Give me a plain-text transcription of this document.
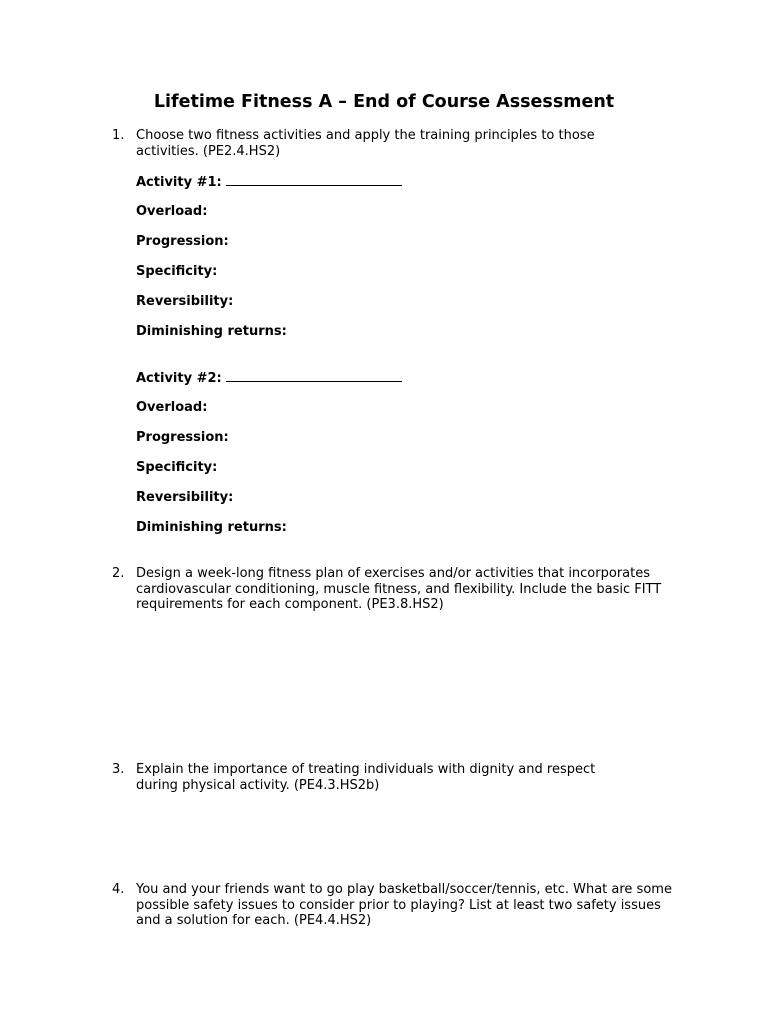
Lifetime Fitness A – End of Course Assessment
1. Choose two fitness activities and apply the training principles to those activities. (PE2.4.HS2)
Activity #1:
Overload:
Progression:
Specificity:
Reversibility:
Diminishing returns:
Activity #2:
Overload:
Progression:
Specificity:
Reversibility:
Diminishing returns:
2. Design a week-long fitness plan of exercises and/or activities that incorporates cardiovascular conditioning, muscle fitness, and flexibility. Include the basic FITT requirements for each component. (PE3.8.HS2)
3. Explain the importance of treating individuals with dignity and respect during physical activity. (PE4.3.HS2b)
4. You and your friends want to go play basketball/soccer/tennis, etc. What are some possible safety issues to consider prior to playing? List at least two safety issues and a solution for each. (PE4.4.HS2)
